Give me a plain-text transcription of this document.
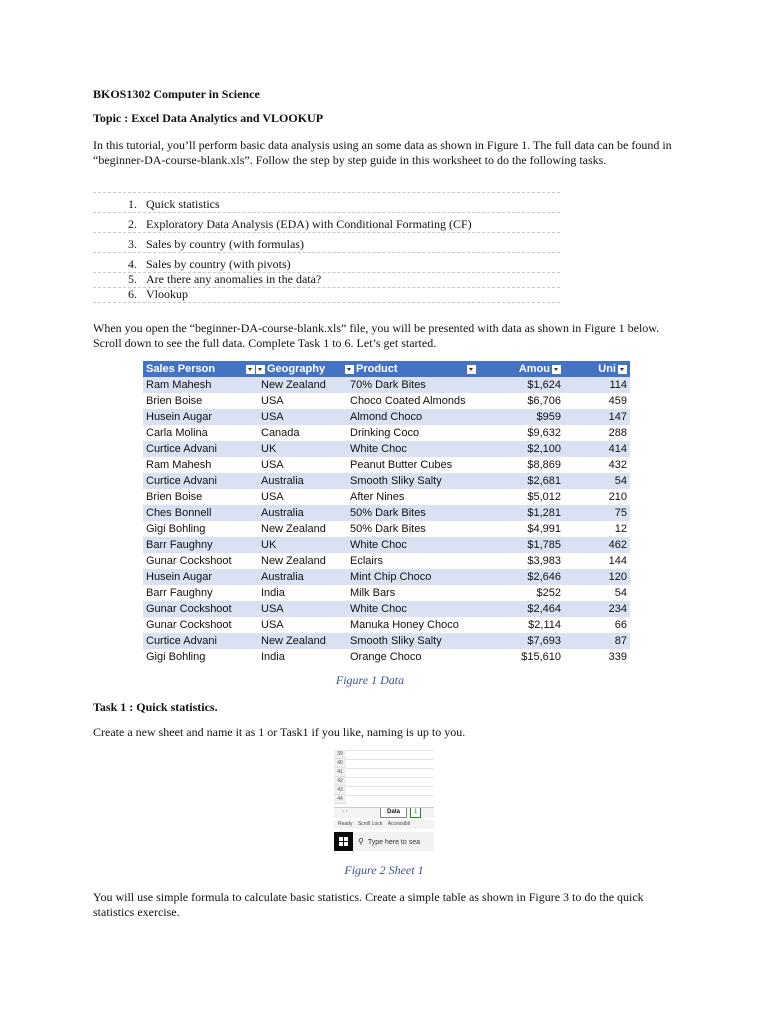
BKOS1302 Computer in Science
Topic : Excel Data Analytics and VLOOKUP
In this tutorial, you’ll perform basic data analysis using an some data as shown in Figure 1. The full data can be found in “beginner-DA-course-blank.xls”. Follow the step by step guide in this worksheet to do the following tasks.
1. Quick statistics
2. Exploratory Data Analysis (EDA) with Conditional Formating (CF)
3. Sales by country (with formulas)
4. Sales by country (with pivots)
5. Are there any anomalies in the data?
6. Vlookup
When you open the “beginner-DA-course-blank.xls” file, you will be presented with data as shown in Figure 1 below. Scroll down to see the full data. Complete Task 1 to 6. Let’s get started.
Sales Person	Geography	Product	Amou	Uni

Ram Mahesh	New Zealand	70% Dark Bites	$1,624	114
Brien Boise	USA	Choco Coated Almonds	$6,706	459
Husein Augar	USA	Almond Choco	$959	147
Carla Molina	Canada	Drinking Coco	$9,632	288
Curtice Advani	UK	White Choc	$2,100	414
Ram Mahesh	USA	Peanut Butter Cubes	$8,869	432
Curtice Advani	Australia	Smooth Sliky Salty	$2,681	54
Brien Boise	USA	After Nines	$5,012	210
Ches Bonnell	Australia	50% Dark Bites	$1,281	75
Gigi Bohling	New Zealand	50% Dark Bites	$4,991	12
Barr Faughny	UK	White Choc	$1,785	462
Gunar Cockshoot	New Zealand	Eclairs	$3,983	144
Husein Augar	Australia	Mint Chip Choco	$2,646	120
Barr Faughny	India	Milk Bars	$252	54
Gunar Cockshoot	USA	White Choc	$2,464	234
Gunar Cockshoot	USA	Manuka Honey Choco	$2,114	66
Curtice Advani	New Zealand	Smooth Sliky Salty	$7,693	87
Gigi Bohling	India	Orange Choco	$15,610	339
Figure 1 Data
Task 1 : Quick statistics.
Create a new sheet and name it as 1 or Task1 if you like, naming is up to you.
39
40
41
42
43
44
‹ ›	Data	1
Ready Scroll Lock Accessibil
⚲ Type here to sea
Figure 2 Sheet 1
You will use simple formula to calculate basic statistics. Create a simple table as shown in Figure 3 to do the quick statistics exercise.
